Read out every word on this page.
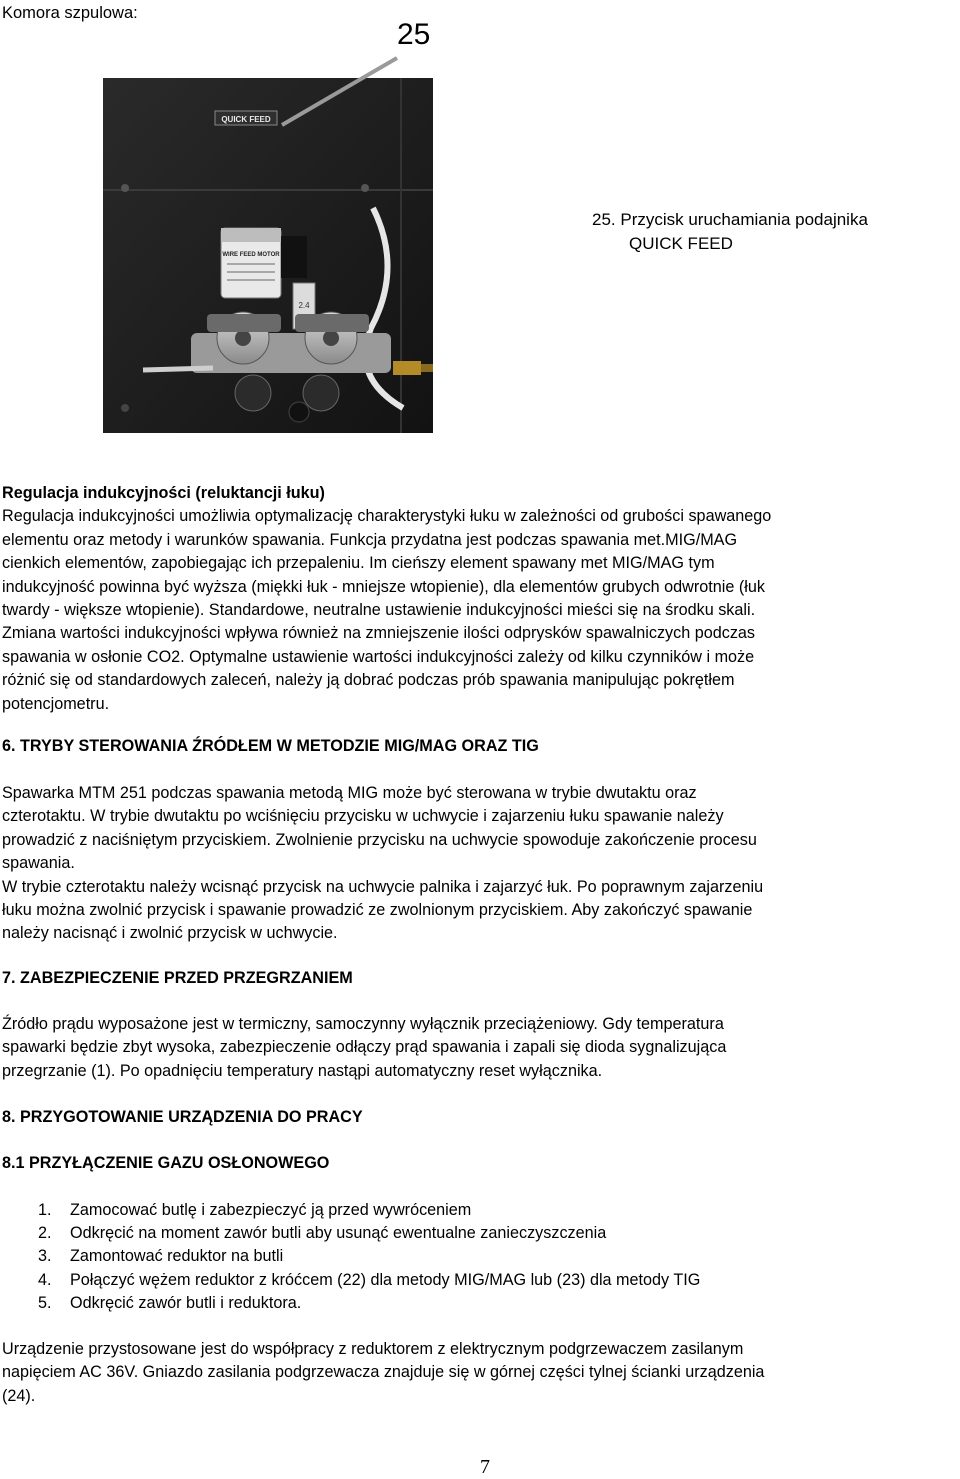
Komora szpulowa:
25
QUICK FEED
WIRE FEED MOTOR
2.4
25. Przycisk uruchamiania podajnika
QUICK FEED
Regulacja indukcyjności (reluktancji łuku)
Regulacja indukcyjności umożliwia optymalizację charakterystyki łuku w zależności od grubości spawanego
elementu oraz metody i warunków spawania. Funkcja przydatna jest podczas spawania met.MIG/MAG
cienkich elementów, zapobiegając ich przepaleniu. Im cieńszy element spawany met MIG/MAG tym
indukcyjność powinna być wyższa (miękki łuk - mniejsze wtopienie), dla elementów grubych odwrotnie (łuk
twardy - większe wtopienie). Standardowe, neutralne ustawienie indukcyjności mieści się na środku skali.
Zmiana wartości indukcyjności wpływa również na zmniejszenie ilości odprysków spawalniczych podczas
spawania w osłonie CO2. Optymalne ustawienie wartości indukcyjności zależy od kilku czynników i może
różnić się od standardowych zaleceń, należy ją dobrać podczas prób spawania manipulując pokrętłem
potencjometru.
6. TRYBY STEROWANIA ŹRÓDŁEM W METODZIE MIG/MAG ORAZ TIG
Spawarka MTM 251 podczas spawania metodą MIG może być sterowana w trybie dwutaktu oraz
czterotaktu. W trybie dwutaktu po wciśnięciu przycisku w uchwycie i zajarzeniu łuku spawanie należy
prowadzić z naciśniętym przyciskiem. Zwolnienie przycisku na uchwycie spowoduje zakończenie procesu
spawania.
W trybie czterotaktu należy wcisnąć przycisk na uchwycie palnika i zajarzyć łuk. Po poprawnym zajarzeniu
łuku można zwolnić przycisk i spawanie prowadzić ze zwolnionym przyciskiem. Aby zakończyć spawanie
należy nacisnąć i zwolnić przycisk w uchwycie.
7. ZABEZPIECZENIE PRZED PRZEGRZANIEM
Źródło prądu wyposażone jest w termiczny, samoczynny wyłącznik przeciążeniowy. Gdy temperatura
spawarki będzie zbyt wysoka, zabezpieczenie odłączy prąd spawania i zapali się dioda sygnalizująca
przegrzanie (1). Po opadnięciu temperatury nastąpi automatyczny reset wyłącznika.
8. PRZYGOTOWANIE URZĄDZENIA DO PRACY
8.1 PRZYŁĄCZENIE GAZU OSŁONOWEGO
1.	Zamocować butlę i zabezpieczyć ją przed wywróceniem
2.	Odkręcić na moment zawór butli aby usunąć ewentualne zanieczyszczenia
3.	Zamontować reduktor na butli
4.	Połączyć wężem reduktor z króćcem (22) dla metody MIG/MAG lub (23) dla metody TIG
5.	Odkręcić zawór butli i reduktora.
Urządzenie przystosowane jest do współpracy z reduktorem z elektrycznym podgrzewaczem zasilanym
napięciem AC 36V. Gniazdo zasilania podgrzewacza znajduje się w górnej części tylnej ścianki urządzenia
(24).
7
